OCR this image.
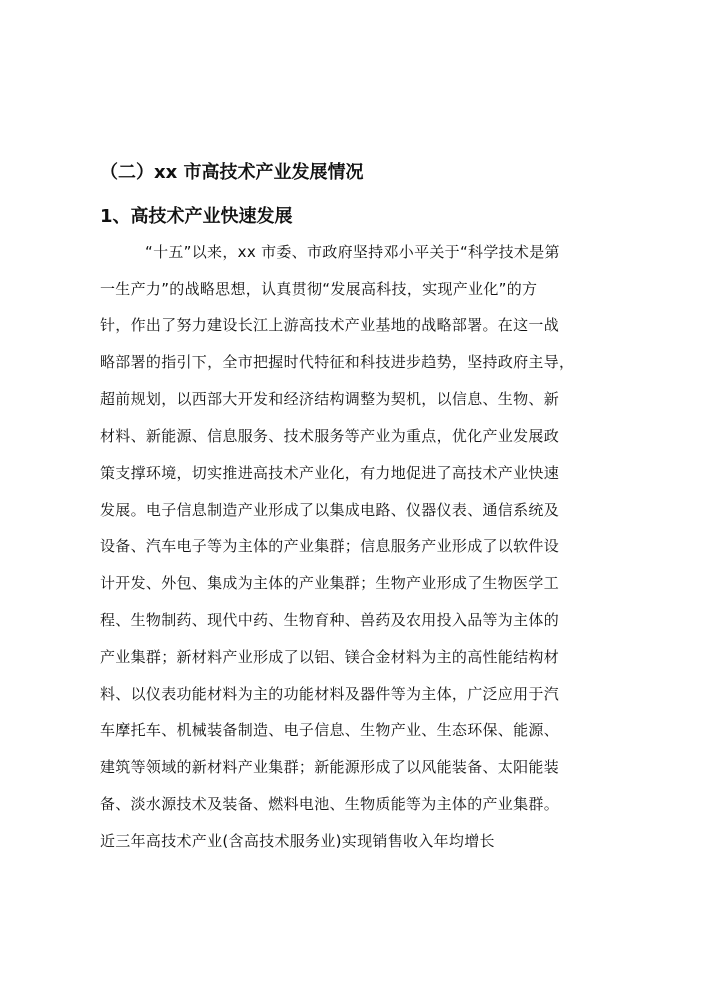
（二）xx 市高技术产业发展情况
1、高技术产业快速发展

“十五”以来，xx 市委、市政府坚持邓小平关于“科学技术是第

一生产力”的战略思想，认真贯彻“发展高科技，实现产业化”的方

针，作出了努力建设长江上游高技术产业基地的战略部署。在这一战

略部署的指引下，全市把握时代特征和科技进步趋势，坚持政府主导，

超前规划，以西部大开发和经济结构调整为契机，以信息、生物、新

材料、新能源、信息服务、技术服务等产业为重点，优化产业发展政

策支撑环境，切实推进高技术产业化，有力地促进了高技术产业快速

发展。电子信息制造产业形成了以集成电路、仪器仪表、通信系统及

设备、汽车电子等为主体的产业集群；信息服务产业形成了以软件设

计开发、外包、集成为主体的产业集群；生物产业形成了生物医学工

程、生物制药、现代中药、生物育种、兽药及农用投入品等为主体的

产业集群；新材料产业形成了以铝、镁合金材料为主的高性能结构材

料、以仪表功能材料为主的功能材料及器件等为主体，广泛应用于汽

车摩托车、机械装备制造、电子信息、生物产业、生态环保、能源、

建筑等领域的新材料产业集群；新能源形成了以风能装备、太阳能装

备、淡水源技术及装备、燃料电池、生物质能等为主体的产业集群。

近三年高技术产业(含高技术服务业)实现销售收入年均增长
